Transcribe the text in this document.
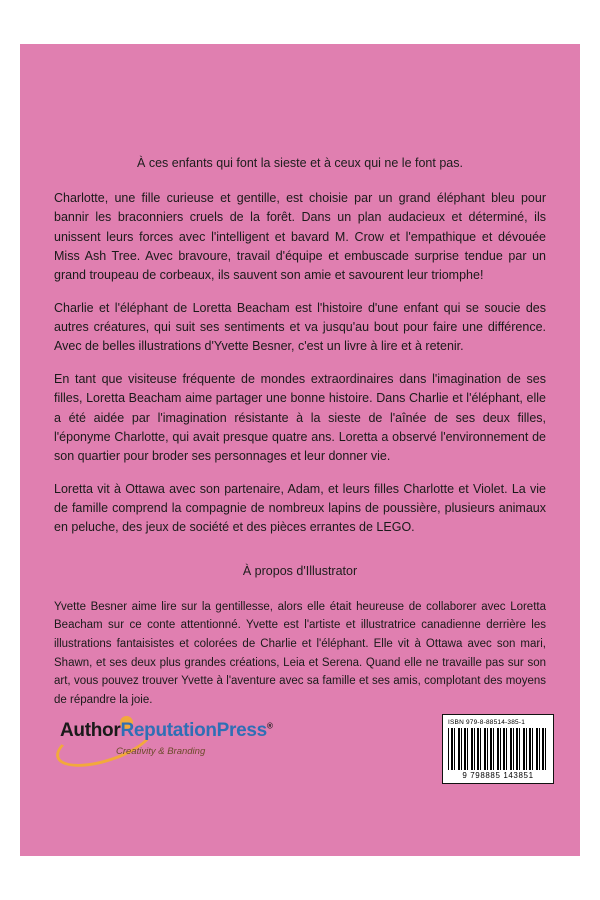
À ces enfants qui font la sieste et à ceux qui ne le font pas.

Charlotte, une fille curieuse et gentille, est choisie par un grand éléphant bleu pour bannir les braconniers cruels de la forêt. Dans un plan audacieux et déterminé, ils unissent leurs forces avec l'intelligent et bavard M. Crow et l'empathique et dévouée Miss Ash Tree. Avec bravoure, travail d'équipe et embuscade surprise tendue par un grand troupeau de corbeaux, ils sauvent son amie et savourent leur triomphe!

Charlie et l'éléphant de Loretta Beacham est l'histoire d'une enfant qui se soucie des autres créatures, qui suit ses sentiments et va jusqu'au bout pour faire une différence. Avec de belles illustrations d'Yvette Besner, c'est un livre à lire et à retenir.

En tant que visiteuse fréquente de mondes extraordinaires dans l'imagination de ses filles, Loretta Beacham aime partager une bonne histoire. Dans Charlie et l'éléphant, elle a été aidée par l'imagination résistante à la sieste de l'aînée de ses deux filles, l'éponyme Charlotte, qui avait presque quatre ans. Loretta a observé l'environnement de son quartier pour broder ses personnages et leur donner vie.

Loretta vit à Ottawa avec son partenaire, Adam, et leurs filles Charlotte et Violet. La vie de famille comprend la compagnie de nombreux lapins de poussière, plusieurs animaux en peluche, des jeux de société et des pièces errantes de LEGO.

À propos d'Illustrator

Yvette Besner aime lire sur la gentillesse, alors elle était heureuse de collaborer avec Loretta Beacham sur ce conte attentionné. Yvette est l'artiste et illustratrice canadienne derrière les illustrations fantaisistes et colorées de Charlie et l'éléphant. Elle vit à Ottawa avec son mari, Shawn, et ses deux plus grandes créations, Leia et Serena. Quand elle ne travaille pas sur son art, vous pouvez trouver Yvette à l'aventure avec sa famille et ses amis, complotant des moyens de répandre la joie.

AuthorReputationPress®
Creativity & Branding
ISBN 979-8-88514-385-1
9 798885 143851
